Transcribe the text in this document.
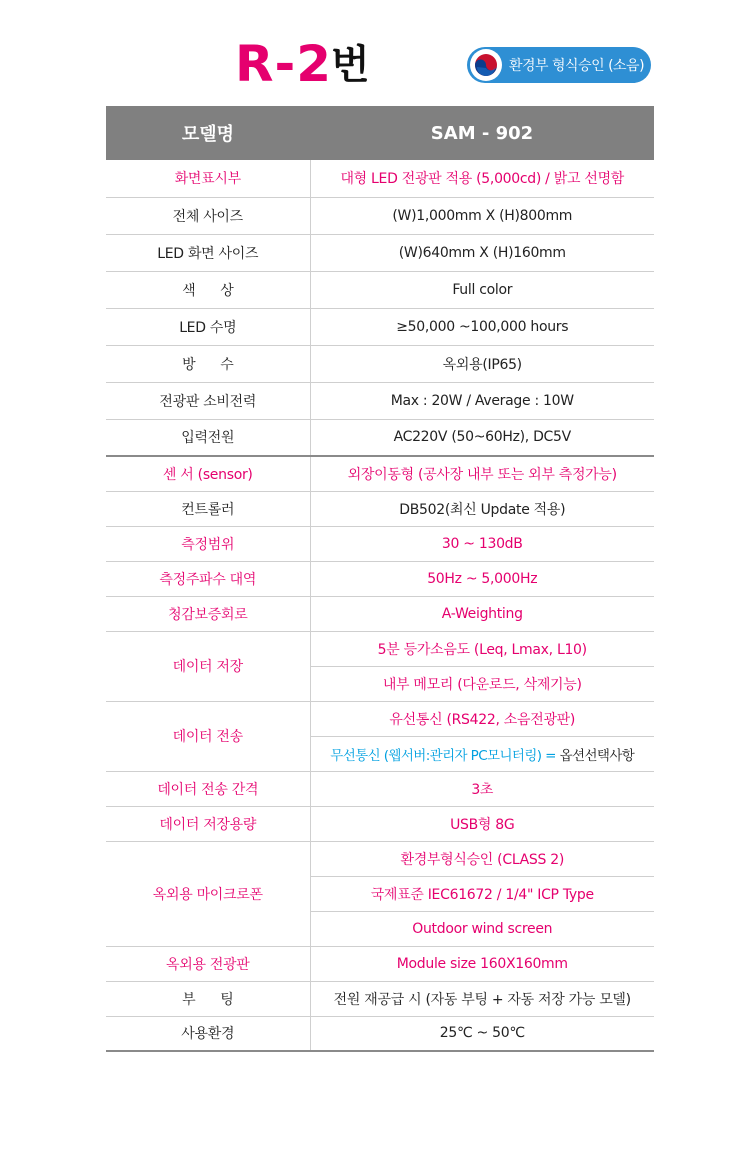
R-2
번	환경부 형식승인 (소음)
모델명	SAM - 902
화면표시부	대형 LED 전광판 적용 (5,000cd) / 밝고 선명함
전체 사이즈	(W)1,000mm X (H)800mm
LED 화면 사이즈	(W)640mm X (H)160mm
색      상	Full color
LED 수명	≥50,000 ~100,000 hours
방      수	옥외용(IP65)
전광판 소비전력	Max : 20W / Average : 10W
입력전원	AC220V (50~60Hz), DC5V
센 서 (sensor)	외장이동형 (공사장 내부 또는 외부 측정가능)
컨트롤러	DB502(최신 Update 적용)
측정범위	30 ~ 130dB
측정주파수 대역	50Hz ~ 5,000Hz
청감보증회로	A-Weighting
데이터 저장	5분 등가소음도 (Leq, Lmax, L10)
	내부 메모리 (다운로드, 삭제기능)
데이터 전송	유선통신 (RS422, 소음전광판)
	무선통신 (웹서버:관리자 PC모니터링) = 옵션선택사항
데이터 전송 간격	3초
데이터 저장용량	USB형 8G
옥외용 마이크로폰	환경부형식승인 (CLASS 2)
	국제표준 IEC61672 / 1/4" ICP Type
	Outdoor wind screen
옥외용 전광판	Module size 160X160mm
부      팅	전원 재공급 시 (자동 부팅 + 자동 저장 가능 모델)
사용환경	25℃ ~ 50℃
